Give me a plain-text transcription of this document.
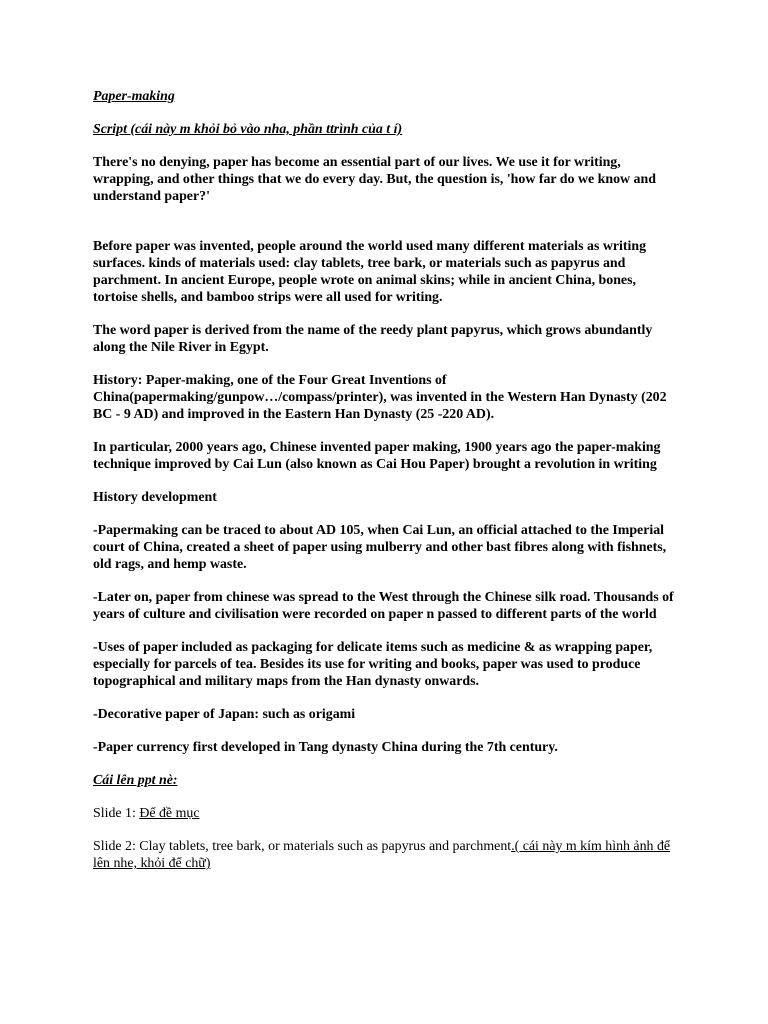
Paper-making

Script (cái này m khỏi bỏ vào nha, phần ttrình của t í)

There's no denying, paper has become an essential part of our lives. We use it for writing, wrapping, and other things that we do every day. But, the question is, 'how far do we know and understand paper?'

Before paper was invented, people around the world used many different materials as writing surfaces. kinds of materials used: clay tablets, tree bark, or materials such as papyrus and parchment. In ancient Europe, people wrote on animal skins; while in ancient China, bones, tortoise shells, and bamboo strips were all used for writing.

The word paper is derived from the name of the reedy plant papyrus, which grows abundantly along the Nile River in Egypt.

History: Paper-making, one of the Four Great Inventions of China(papermaking/gunpow…/compass/printer), was invented in the Western Han Dynasty (202 BC - 9 AD) and improved in the Eastern Han Dynasty (25 -220 AD).

In particular, 2000 years ago, Chinese invented paper making, 1900 years ago the paper-making technique improved by Cai Lun (also known as Cai Hou Paper) brought a revolution in writing

History development

-Papermaking can be traced to about AD 105, when Cai Lun, an official attached to the Imperial court of China, created a sheet of paper using mulberry and other bast fibres along with fishnets, old rags, and hemp waste.

-Later on, paper from chinese was spread to the West through the Chinese silk road. Thousands of years of culture and civilisation were recorded on paper n passed to different parts of the world

-Uses of paper included as packaging for delicate items such as medicine & as wrapping paper, especially for parcels of tea. Besides its use for writing and books, paper was used to produce topographical and military maps from the Han dynasty onwards.

-Decorative paper of Japan: such as origami

-Paper currency first developed in Tang dynasty China during the 7th century.

Cái lên ppt nè:

Slide 1: Để đề mục

Slide 2: Clay tablets, tree bark, or materials such as papyrus and parchment.( cái này m kím hình ảnh để lên nhe, khỏi để chữ)
